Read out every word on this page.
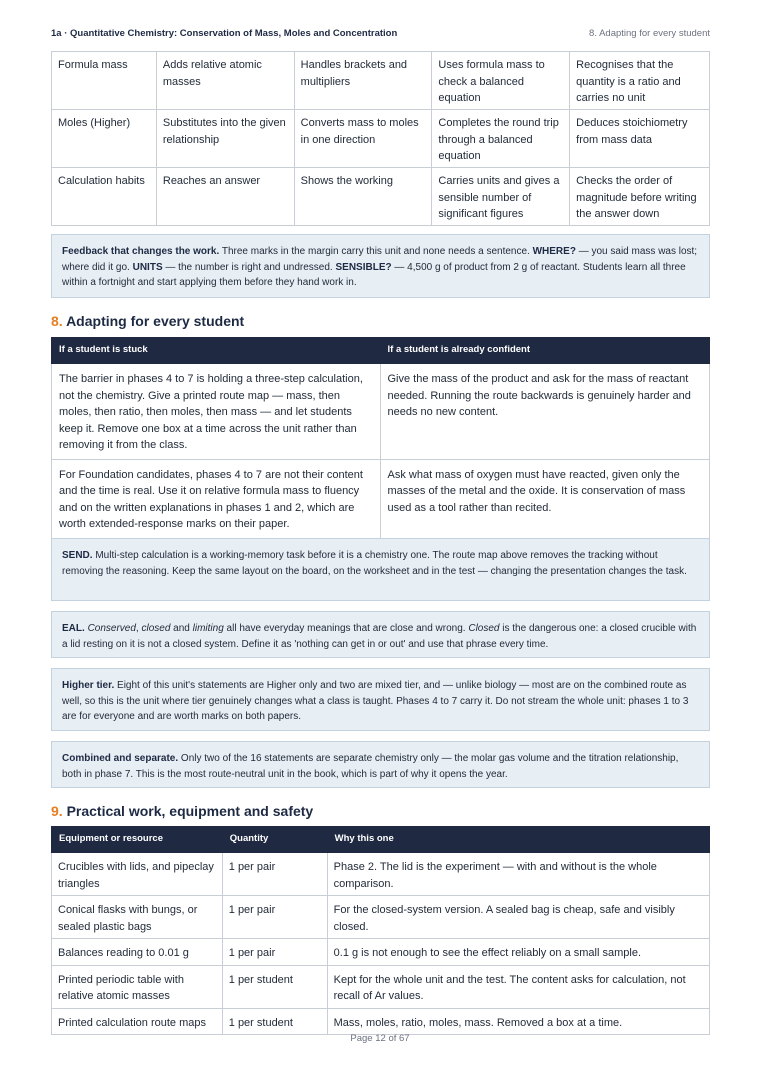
1a · Quantitative Chemistry: Conservation of Mass, Moles and Concentration	8. Adapting for every student
Formula mass	Adds relative atomic masses	Handles brackets and multipliers	Uses formula mass to check a balanced equation	Recognises that the quantity is a ratio and carries no unit
Moles (Higher)	Substitutes into the given relationship	Converts mass to moles in one direction	Completes the round trip through a balanced equation	Deduces stoichiometry from mass data
Calculation habits	Reaches an answer	Shows the working	Carries units and gives a sensible number of significant figures	Checks the order of magnitude before writing the answer down
Feedback that changes the work. Three marks in the margin carry this unit and none needs a sentence. WHERE? — you said mass was lost; where did it go. UNITS — the number is right and undressed. SENSIBLE? — 4,500 g of product from 2 g of reactant. Students learn all three within a fortnight and start applying them before they hand work in.
8. Adapting for every student
If a student is stuck	If a student is already confident
The barrier in phases 4 to 7 is holding a three-step calculation, not the chemistry. Give a printed route map — mass, then moles, then ratio, then moles, then mass — and let students keep it. Remove one box at a time across the unit rather than removing it from the class.	Give the mass of the product and ask for the mass of reactant needed. Running the route backwards is genuinely harder and needs no new content.
For Foundation candidates, phases 4 to 7 are not their content and the time is real. Use it on relative formula mass to fluency and on the written explanations in phases 1 and 2, which are worth extended-response marks on their paper.	Ask what mass of oxygen must have reacted, given only the masses of the metal and the oxide. It is conservation of mass used as a tool rather than recited.
SEND. Multi-step calculation is a working-memory task before it is a chemistry one. The route map above removes the tracking without removing the reasoning. Keep the same layout on the board, on the worksheet and in the test — changing the presentation changes the task.
EAL. Conserved, closed and limiting all have everyday meanings that are close and wrong. Closed is the dangerous one: a closed crucible with a lid resting on it is not a closed system. Define it as 'nothing can get in or out' and use that phrase every time.
Higher tier. Eight of this unit's statements are Higher only and two are mixed tier, and — unlike biology — most are on the combined route as well, so this is the unit where tier genuinely changes what a class is taught. Phases 4 to 7 carry it. Do not stream the whole unit: phases 1 to 3 are for everyone and are worth marks on both papers.
Combined and separate. Only two of the 16 statements are separate chemistry only — the molar gas volume and the titration relationship, both in phase 7. This is the most route-neutral unit in the book, which is part of why it opens the year.
9. Practical work, equipment and safety
Equipment or resource	Quantity	Why this one
Crucibles with lids, and pipeclay triangles	1 per pair	Phase 2. The lid is the experiment — with and without is the whole comparison.
Conical flasks with bungs, or sealed plastic bags	1 per pair	For the closed-system version. A sealed bag is cheap, safe and visibly closed.
Balances reading to 0.01 g	1 per pair	0.1 g is not enough to see the effect reliably on a small sample.
Printed periodic table with relative atomic masses	1 per student	Kept for the whole unit and the test. The content asks for calculation, not recall of Ar values.
Printed calculation route maps	1 per student	Mass, moles, ratio, moles, mass. Removed a box at a time.
Page 12 of 67
